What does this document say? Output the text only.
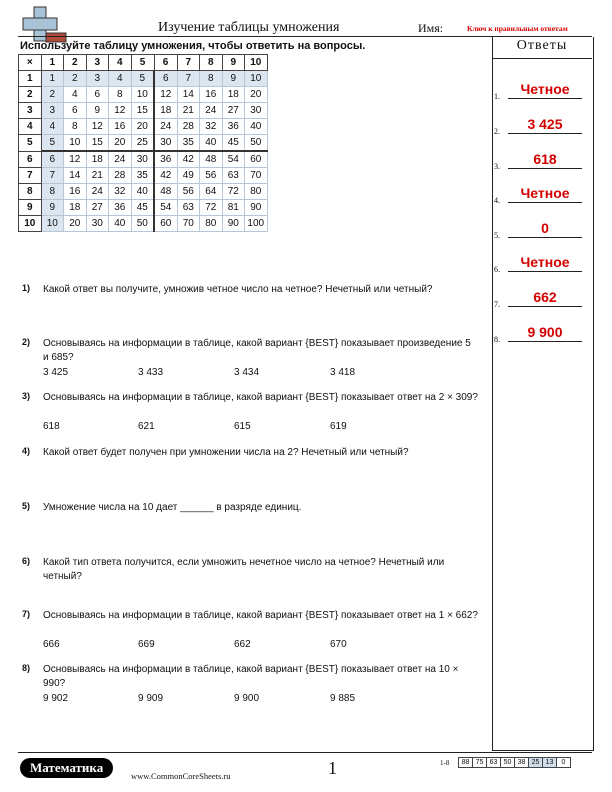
Изучение таблицы умножения	Имя:	Ключ к правильным ответам
Ответы
1.	Четное
2.	3 425
3.	618
4.	Четное
5.	0
6.	Четное
7.	662
8.	9 900
Используйте таблицу умножения, чтобы ответить на вопросы.
×	1	2	3	4	5	6	7	8	9	10
1	1	2	3	4	5	6	7	8	9	10
2	2	4	6	8	10	12	14	16	18	20
3	3	6	9	12	15	18	21	24	27	30
4	4	8	12	16	20	24	28	32	36	40
5	5	10	15	20	25	30	35	40	45	50
6	6	12	18	24	30	36	42	48	54	60
7	7	14	21	28	35	42	49	56	63	70
8	8	16	24	32	40	48	56	64	72	80
9	9	18	27	36	45	54	63	72	81	90
10	10	20	30	40	50	60	70	80	90	100
1) Какой ответ вы получите, умножив четное число на четное? Нечетный или четный?
2) Основываясь на информации в таблице, какой вариант {BEST} показывает произведение 5 и 685?
3 425	3 433	3 434	3 418
3) Основываясь на информации в таблице, какой вариант {BEST} показывает ответ на 2 × 309?
618	621	615	619
4) Какой ответ будет получен при умножении числа на 2? Нечетный или четный?
5) Умножение числа на 10 дает ______ в разряде единиц.
6) Какой тип ответа получится, если умножить нечетное число на четное? Нечетный или четный?
7) Основываясь на информации в таблице, какой вариант {BEST} показывает ответ на 1 × 662?
666	669	662	670
8) Основываясь на информации в таблице, какой вариант {BEST} показывает ответ на 10 × 990?
9 902	9 909	9 900	9 885
Математика
www.CommonCoreSheets.ru	1	1-8 88	75	63	50	38	25	13	0
